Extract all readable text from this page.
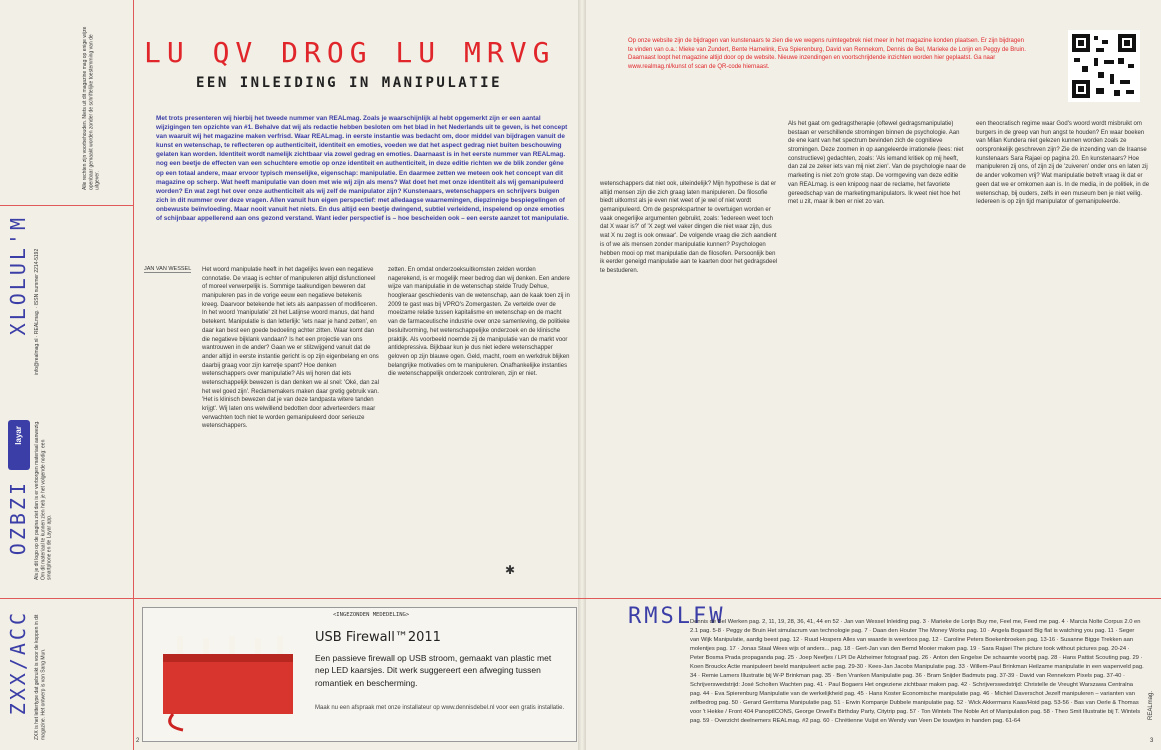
OZBZI Als je dit logo op de pagina ziet dan is er verborgen materiaal aanwezig. Om dit materiaal te kunnen zien heb je het volgende nodig: een smartphone en de Layar app.
layar
XLOLUL'M info@realmag.nl · REALmag. · ISSN nummer 2214-5192
Alle rechten zijn voorbehouden. Niets uit dit magazine mag op enige wijze openbaar gemaakt worden zonder de schriftelijke toestemming van de uitgever.
ZXX/ACC ZXX is het lettertype dat gebruikt is voor de koppen in dit magazine. Het ontwerp is van Sang Mun.
LU QV DROG LU MRVG
EEN INLEIDING IN MANIPULATIE
Met trots presenteren wij hierbij het tweede nummer van REALmag. Zoals je waarschijnlijk al hebt opgemerkt zijn er een aantal wijzigingen ten opzichte van #1. Behalve dat wij als redactie hebben besloten om het blad in het Nederlands uit te geven, is het concept van waaruit wij het magazine maken verfrisd. Waar REALmag. in eerste instantie was bedacht om, door middel van bijdragen vanuit de kunst en wetenschap, te reflecteren op authenticiteit, identiteit en emoties, voeden we dat het aspect gedrag niet buiten beschouwing gelaten kan worden. Identiteit wordt namelijk zichtbaar via zowel gedrag en emoties. Daarnaast is in het eerste nummer van REALmag. nog een beetje de effecten van een schuchtere emotie op onze identiteit en authenticiteit, in deze editie richten we de blik zonder gêne op een totaal andere, maar ervoor typisch menselijke, eigenschap: manipulatie. En daarmee zetten we meteen ook het concept van dit magazine op scherp. Wat heeft manipulatie van doen met wie wij zijn als mens? Wat doet het met onze identiteit als wij gemanipuleerd worden? En wat zegt het over onze authenticiteit als wij zelf de manipulator zijn? Kunstenaars, wetenschappers en schrijvers buigen zich in dit nummer over deze vragen. Allen vanuit hun eigen perspectief: met alledaagse waarnemingen, diepzinnige bespiegelingen of onbewuste beïnvloeding. Maar nooit vanuit het niets. En dus altijd een beetje dwingend, subtiel verleidend, inspelend op onze emoties of schijnbaar appellerend aan ons gezond verstand. Want ieder perspectief is – hoe bescheiden ook – een eerste aanzet tot manipulatie.
JAN VAN WESSEL Het woord manipulatie heeft in het dagelijks leven een negatieve connotatie. De vraag is echter of manipuleren altijd disfunctioneel of moreel verwerpelijk is. Sommige taalkundigen beweren dat manipuleren pas in de vorige eeuw een negatieve betekenis kreeg. Daarvoor betekende het iets als aanpassen of modificeren. In het woord 'manipulatie' zit het Latijnse woord manus, dat hand betekent. Manipulatie is dan letterlijk: 'iets naar je hand zetten', en daar kan best een goede bedoeling achter zitten. Waar komt dan die negatieve bijklank vandaan? Is het een projectie van ons wantrouwen in de ander? Gaan we er stilzwijgend vanuit dat de ander altijd in eerste instantie gericht is op zijn eigenbelang en ons daarbij graag voor zijn karretje spant? Hoe denken wetenschappers over manipulatie? Als wij horen dat iets wetenschappelijk bewezen is dan denken we al snel: 'Oké, dan zal het wel goed zijn'. Reclamemakers maken daar gretig gebruik van. 'Het is klinisch bewezen dat je van deze tandpasta witere tanden krijgt'. Wij laten ons welwillend bedotten door adverteerders maar verwachten toch niet te worden gemanipuleerd door serieuze wetenschappers.

zetten. En omdat onderzoeksuitkomsten zelden worden nagerekend, is er mogelijk meer bedrog dan wij denken. Een andere wijze van manipulatie in de wetenschap stelde Trudy Dehue, hoogleraar geschiedenis van de wetenschap, aan de kaak toen zij in 2009 te gast was bij VPRO's Zomergasten. Ze vertelde over de moeizame relatie tussen kapitalisme en wetenschap en de macht van de farmaceutische industrie over onze samenleving, de politieke besluitvorming, het wetenschappelijke onderzoek en de klinische praktijk. Als voorbeeld noemde zij de manipulatie van de markt voor antidepressiva. Bijkbaar kun je dus niet iedere wetenschapper geloven op zijn blauwe ogen. Geld, macht, roem en werkdruk blijken belangrijke motivaties om te manipuleren. Onafhankelijke instanties die wetenschappelijk onderzoek controleren, zijn er niet.

✱
Op onze website zijn de bijdragen van kunstenaars te zien die we wegens ruimtegebrek niet meer in het magazine konden plaatsen. Er zijn bijdragen te vinden van o.a.: Mieke van Zundert, Bente Harnelink, Eva Spierenburg, David van Rennekom, Dennis de Bel, Marieke de Lorijn en Peggy de Bruin. Daarnaast loopt het magazine altijd door op de website. Nieuwe inzendingen en voortschrijdende inzichten worden hier geplaatst. Ga naar www.realmag.nl/kunst of scan de QR-code hiernaast.

wetenschappers dat niet ook, uiteindelijk? Mijn hypothese is dat er altijd mensen zijn die zich graag laten manipuleren. De filosofie biedt uitkomst als je even niet weet of je wel of niet wordt gemanipuleerd. Om de gesprekspartner te overtuigen worden er vaak onegerlijke argumenten gebruikt, zoals: 'Iedereen weet toch dat X waar is?' of 'X zegt wel vaker dingen die niet waar zijn, dus wat X nu zegt is ook onwaar'. De volgende vraag die zich aandient is of we als mensen zonder manipulatie kunnen? Psychologen hebben mooi op met manipulatie dan de filosofen. Persoonlijk ben ik eerder geneigd manipulatie aan te kaarten door het gedragsdeel te bestuderen.

Als het gaat om gedragstherapie (oftewel gedragsmanipulatie) bestaan er verschillende stromingen binnen de psychologie. Aan de ene kant van het spectrum bevinden zich de cognitieve stromingen. Deze zoomen in op aangeleerde irrationele (lees: niet constructieve) gedachten, zoals: 'Als iemand kritiek op mij heeft, dan zal ze zeker iets van mij niet zien'. Van de psychologie naar de marketing is niet zo'n grote stap. De vormgeving van deze editie van REALmag. is een knipoog naar de reclame, het favoriete gereedschap van de marketingmanipulators. Ik weet niet hoe het met u zit, maar ik ben er niet zo van.

een theocratisch regime waar God's woord wordt misbruikt om burgers in de greep van hun angst te houden? En waar boeken van Milan Kundera niet gelezen kunnen worden zoals ze oorspronkelijk geschreven zijn? Zie de inzending van de Iraanse kunstenaars Sara Rajaei op pagina 20. En kunstenaars? Hoe manipuleren zij ons, of zijn zij de 'zuiveren' onder ons en laten zij de ander volkomen vrij? Wat manipulatie betreft vraag ik dat er geen dat we er omkomen aan is. In de media, in de politiek, in de wetenschap, bij ouders, zelfs in een museum ben je niet veilig. Iedereen is op zijn tijd manipulator of gemanipuleerde.

<INGEZONDEN MEDEDELING>
USB Firewall™2011
Een passieve firewall op USB stroom, gemaakt van plastic met nep LED kaarsjes. Dit werk suggereert een afweging tussen romantiek en bescherming.
Maak nu een afspraak met onze installateur op www.dennisdebel.nl voor een gratis installatie.
RMSLFW
Dennis de Bel Werken pag. 2, 11, 19, 28, 36, 41, 44 en 52 · Jan van Wessel Inleiding pag. 3 · Marieke de Lorijn Buy me, Feel me, Feed me pag. 4 · Marcia Nolte Corpus 2.0 en 2.1 pag. 5-8 · Peggy de Bruin Het simulacrum van technologie pag. 7 · Daan den Houter The Money Works pag. 10 · Angela Bogaard Big flat is watching you pag. 11 · Seger van Wijk Manipulatie, aardig beest pag. 12 · Ruud Hospers Alles van waarde is weerloos pag. 12 · Caroline Peters Boekenbroeken pag. 13-16 · Susanne Bigge Trekken aan molentjes pag. 17 · Jonas Staal Wees wijs of anders... pag. 18 · Gert-Jan van den Bemd Mooier maken pag. 19 · Sara Rajaei The picture took without pictures pag. 20-24 · Peter Bosma Prada propaganda pag. 25 · Joep Neefjes / LPI De Alzheimer fotograaf pag. 26 · Anton den Engelse De schaamte voorbij pag. 28 · Hans Pattist Scouting pag. 29 · Koen Brouckx Actie manipuleert beeld manipuleert actie pag. 29-30 · Kees-Jan Jacobs Manipulatie pag. 33 · Willem-Paul Brinkman Heilzame manipulatie in een wapenveld pag. 34 · Remie Lamers Illustratie bij W-P Brinkman pag. 35 · Ben Vranken Manipulatie pag. 36 · Bram Snijder Badmuts pag. 37-39 · David van Rennekom Pixels pag. 37-40 · Schrijverswedstrijd: José Scholten Wachten pag. 41 · Paul Bogaers Het ongeziene zichtbaar maken pag. 42 · Schrijverswedstrijd: Christelle de Vreught Warszawa Centralna pag. 44 · Eva Spierenburg Manipulatie van de werkelijkheid pag. 45 · Hans Koster Economische manipulatie pag. 46 · Michiel Daverschot Jezelf manipuleren – varianten van zelfbedrog pag. 50 · Gerard Gerritsma Manipulatie pag. 51 · Erwin Kompanje Dubbele manipulatie pag. 52 · Wick Akkermans Kaas/Hoid pag. 53-56 · Bas van Oerle & Thomas voor 't Hekke / Front 404 PanoptICONS, George Orwell's Birthday Party, Citytrip pag. 57 · Ton Wintels The Noble Art of Manipulation pag. 58 · Theo Smit Illustratie bij T. Wintels pag. 59 · Overzicht deelnemers REALmag. #2 pag. 60 · Chrétienne Vuijst en Wendy van Veen De touwtjes in handen pag. 61-64
2	3
REALmag.
